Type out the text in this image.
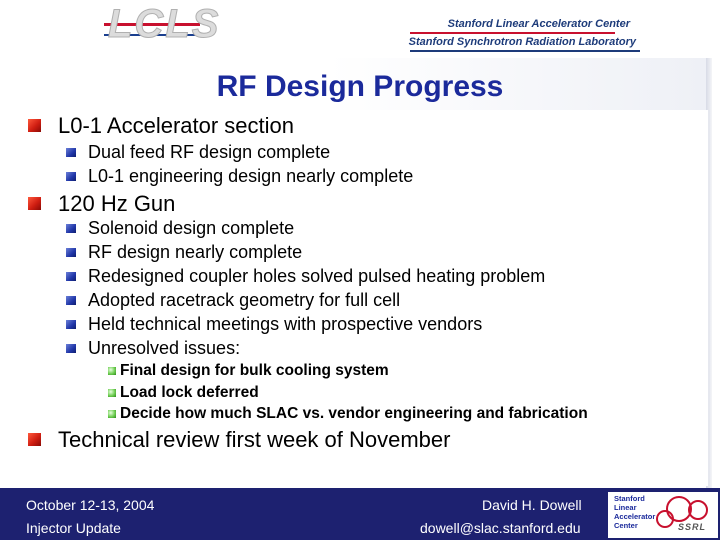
LCLS	Stanford Linear Accelerator Center
Stanford Synchrotron Radiation Laboratory
RF Design Progress
L0-1 Accelerator section
Dual feed RF design complete
L0-1 engineering design nearly complete
120 Hz Gun
Solenoid design complete
RF design nearly complete
Redesigned coupler holes solved pulsed heating problem
Adopted racetrack geometry for full cell
Held technical meetings with prospective vendors
Unresolved issues:
Final design for bulk cooling system
Load lock deferred
Decide how much SLAC vs. vendor engineering and fabrication
Technical review first week of November
October 12-13, 2004
Injector Update
David H. Dowell
dowell@slac.stanford.edu
Stanford
Linear
Accelerator
Center	SSRL
